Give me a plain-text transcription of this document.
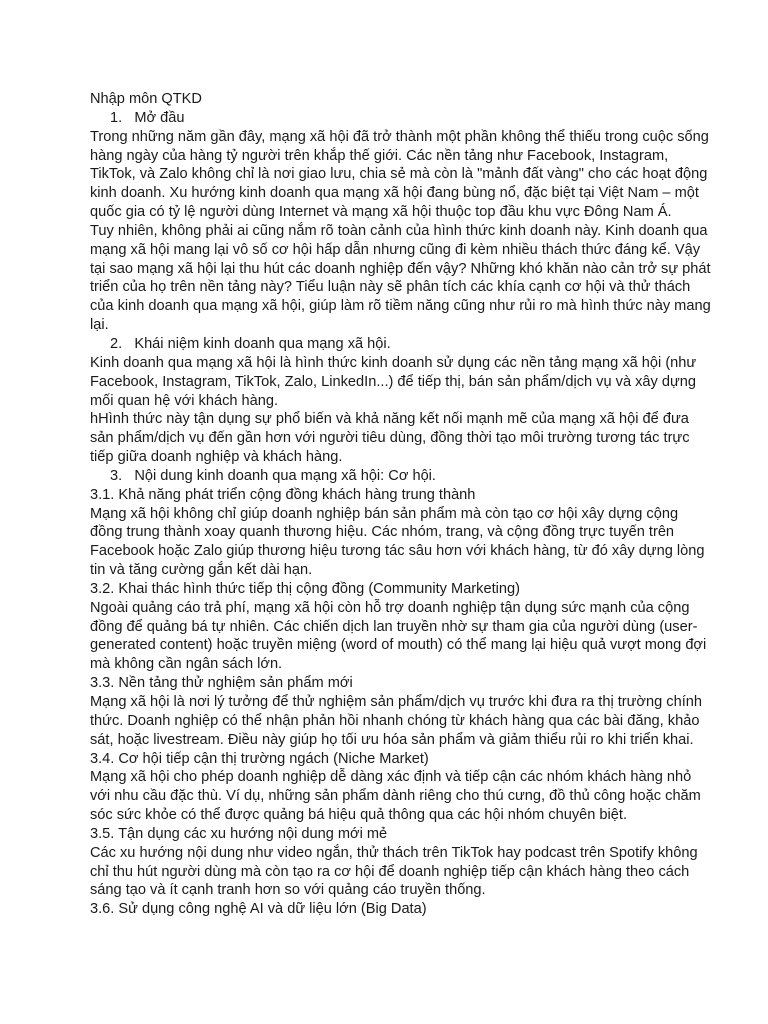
Nhập môn QTKD
1.   Mở đầu
Trong những năm gần đây, mạng xã hội đã trở thành một phần không thể thiếu trong cuộc sống
hàng ngày của hàng tỷ người trên khắp thế giới. Các nền tảng như Facebook, Instagram,
TikTok, và Zalo không chỉ là nơi giao lưu, chia sẻ mà còn là "mảnh đất vàng" cho các hoạt động
kinh doanh. Xu hướng kinh doanh qua mạng xã hội đang bùng nổ, đặc biệt tại Việt Nam – một
quốc gia có tỷ lệ người dùng Internet và mạng xã hội thuộc top đầu khu vực Đông Nam Á.
Tuy nhiên, không phải ai cũng nắm rõ toàn cảnh của hình thức kinh doanh này. Kinh doanh qua
mạng xã hội mang lại vô số cơ hội hấp dẫn nhưng cũng đi kèm nhiều thách thức đáng kể. Vậy
tại sao mạng xã hội lại thu hút các doanh nghiệp đến vậy? Những khó khăn nào cản trở sự phát
triển của họ trên nền tảng này? Tiểu luận này sẽ phân tích các khía cạnh cơ hội và thử thách
của kinh doanh qua mạng xã hội, giúp làm rõ tiềm năng cũng như rủi ro mà hình thức này mang
lại.
2.   Khái niệm kinh doanh qua mạng xã hội.
Kinh doanh qua mạng xã hội là hình thức kinh doanh sử dụng các nền tảng mạng xã hội (như
Facebook, Instagram, TikTok, Zalo, LinkedIn...) để tiếp thị, bán sản phẩm/dịch vụ và xây dựng
mối quan hệ với khách hàng.
hHình thức này tận dụng sự phổ biến và khả năng kết nối mạnh mẽ của mạng xã hội để đưa
sản phẩm/dịch vụ đến gần hơn với người tiêu dùng, đồng thời tạo môi trường tương tác trực
tiếp giữa doanh nghiệp và khách hàng.
3.   Nội dung kinh doanh qua mạng xã hội: Cơ hội.
3.1. Khả năng phát triển cộng đồng khách hàng trung thành
Mạng xã hội không chỉ giúp doanh nghiệp bán sản phẩm mà còn tạo cơ hội xây dựng cộng
đồng trung thành xoay quanh thương hiệu. Các nhóm, trang, và cộng đồng trực tuyến trên
Facebook hoặc Zalo giúp thương hiệu tương tác sâu hơn với khách hàng, từ đó xây dựng lòng
tin và tăng cường gắn kết dài hạn.
3.2. Khai thác hình thức tiếp thị cộng đồng (Community Marketing)
Ngoài quảng cáo trả phí, mạng xã hội còn hỗ trợ doanh nghiệp tận dụng sức mạnh của cộng
đồng để quảng bá tự nhiên. Các chiến dịch lan truyền nhờ sự tham gia của người dùng (user-
generated content) hoặc truyền miệng (word of mouth) có thể mang lại hiệu quả vượt mong đợi
mà không cần ngân sách lớn.
3.3. Nền tảng thử nghiệm sản phẩm mới
Mạng xã hội là nơi lý tưởng để thử nghiệm sản phẩm/dịch vụ trước khi đưa ra thị trường chính
thức. Doanh nghiệp có thể nhận phản hồi nhanh chóng từ khách hàng qua các bài đăng, khảo
sát, hoặc livestream. Điều này giúp họ tối ưu hóa sản phẩm và giảm thiểu rủi ro khi triển khai.
3.4. Cơ hội tiếp cận thị trường ngách (Niche Market)
Mạng xã hội cho phép doanh nghiệp dễ dàng xác định và tiếp cận các nhóm khách hàng nhỏ
với nhu cầu đặc thù. Ví dụ, những sản phẩm dành riêng cho thú cưng, đồ thủ công hoặc chăm
sóc sức khỏe có thể được quảng bá hiệu quả thông qua các hội nhóm chuyên biệt.
3.5. Tận dụng các xu hướng nội dung mới mẻ
Các xu hướng nội dung như video ngắn, thử thách trên TikTok hay podcast trên Spotify không
chỉ thu hút người dùng mà còn tạo ra cơ hội để doanh nghiệp tiếp cận khách hàng theo cách
sáng tạo và ít cạnh tranh hơn so với quảng cáo truyền thống.
3.6. Sử dụng công nghệ AI và dữ liệu lớn (Big Data)
